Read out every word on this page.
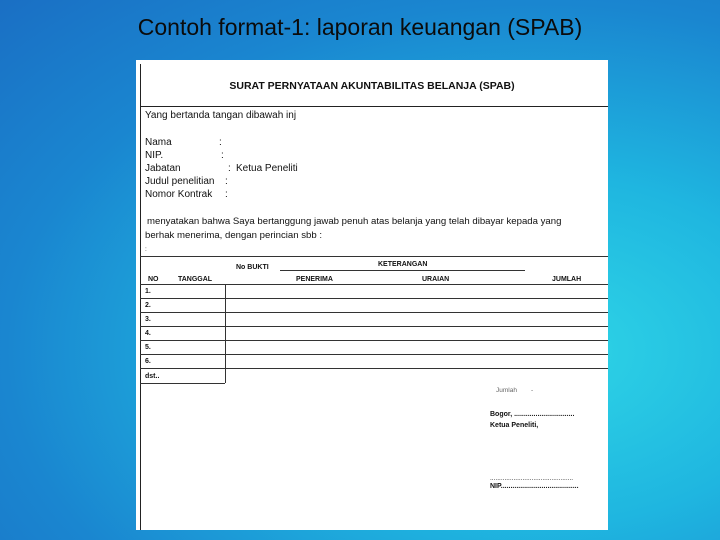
Contoh format-1: laporan keuangan (SPAB)
SURAT PERNYATAAN AKUNTABILITAS BELANJA (SPAB)
Yang bertanda tangan dibawah inj
Nama	:
NIP.	:
Jabatan	: Ketua Peneliti
Judul penelitian :
Nomor Kontrak :
menyatakan bahwa Saya bertanggung jawab penuh atas belanja yang telah dibayar kepada yang
berhak menerima, dengan perincian sbb :
:
No BUKTI	KETERANGAN
NO	TANGGAL	PENERIMA	URAIAN	JUMLAH
1.
2.
3.
4.
5.
6.
dst..
Jumlah -
Bogor, ...............................
Ketua Peneliti,
..............................................
NIP........................................
